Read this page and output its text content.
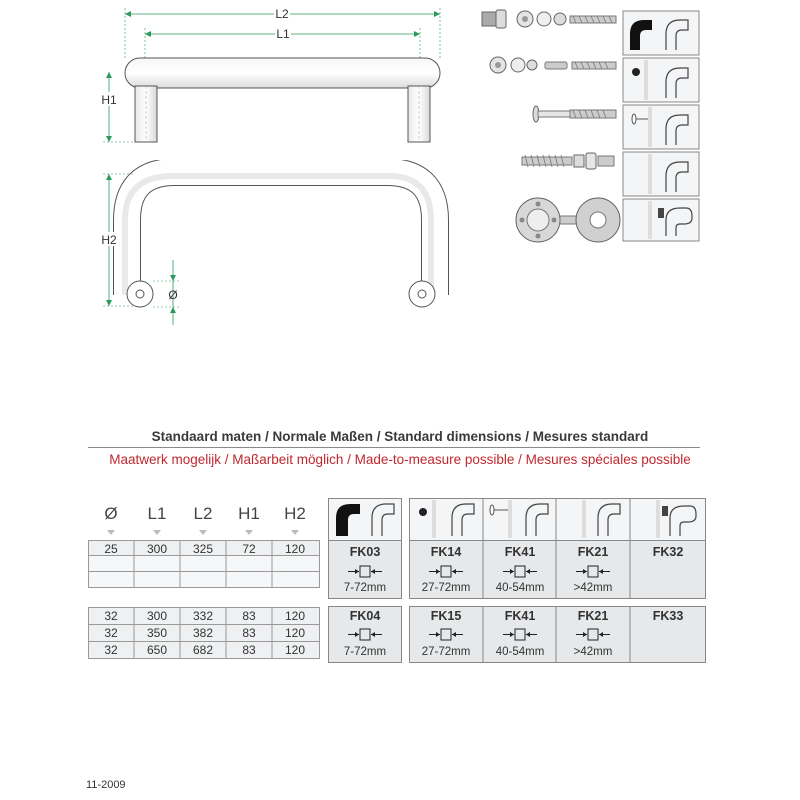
L2
L1
H1
H2
Ø
Standaard maten / Normale Maßen / Standard dimensions / Mesures standard
Maatwerk mogelijk / Maßarbeit möglich / Made-to-measure possible / Mesures spéciales possible
Ø	L1	L2	H1	H2
25	300	325	72	120
32	300	332	83	120
32	350	382	83	120
32	650	682	83	120
FK03
7-72mm
FK14
27-72mm
FK41
40-54mm
FK21
>42mm
FK32
FK04
7-72mm
FK15
27-72mm
FK41
40-54mm
FK21
>42mm
FK33
11-2009
